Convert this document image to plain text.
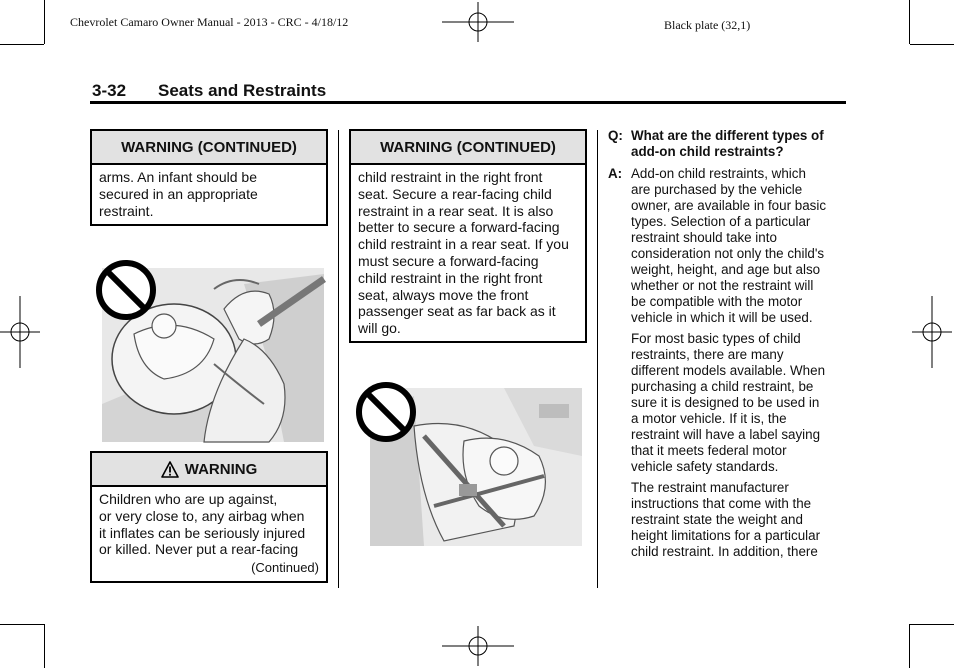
Chevrolet Camaro Owner Manual - 2013 - CRC - 4/18/12	Black plate (32,1)
3-32 Seats and Restraints
WARNING (CONTINUED)
arms. An infant should be
secured in an appropriate
restraint.
WARNING
Children who are up against,
or very close to, any airbag when
it inflates can be seriously injured
or killed. Never put a rear-facing
(Continued)
WARNING (CONTINUED)
child restraint in the right front
seat. Secure a rear-facing child
restraint in a rear seat. It is also
better to secure a forward-facing
child restraint in a rear seat. If you
must secure a forward-facing
child restraint in the right front
seat, always move the front
passenger seat as far back as it
will go.
Q: What are the different types of
add-on child restraints?
A: Add-on child restraints, which
are purchased by the vehicle
owner, are available in four basic
types. Selection of a particular
restraint should take into
consideration not only the child's
weight, height, and age but also
whether or not the restraint will
be compatible with the motor
vehicle in which it will be used.
For most basic types of child
restraints, there are many
different models available. When
purchasing a child restraint, be
sure it is designed to be used in
a motor vehicle. If it is, the
restraint will have a label saying
that it meets federal motor
vehicle safety standards.
The restraint manufacturer
instructions that come with the
restraint state the weight and
height limitations for a particular
child restraint. In addition, there
